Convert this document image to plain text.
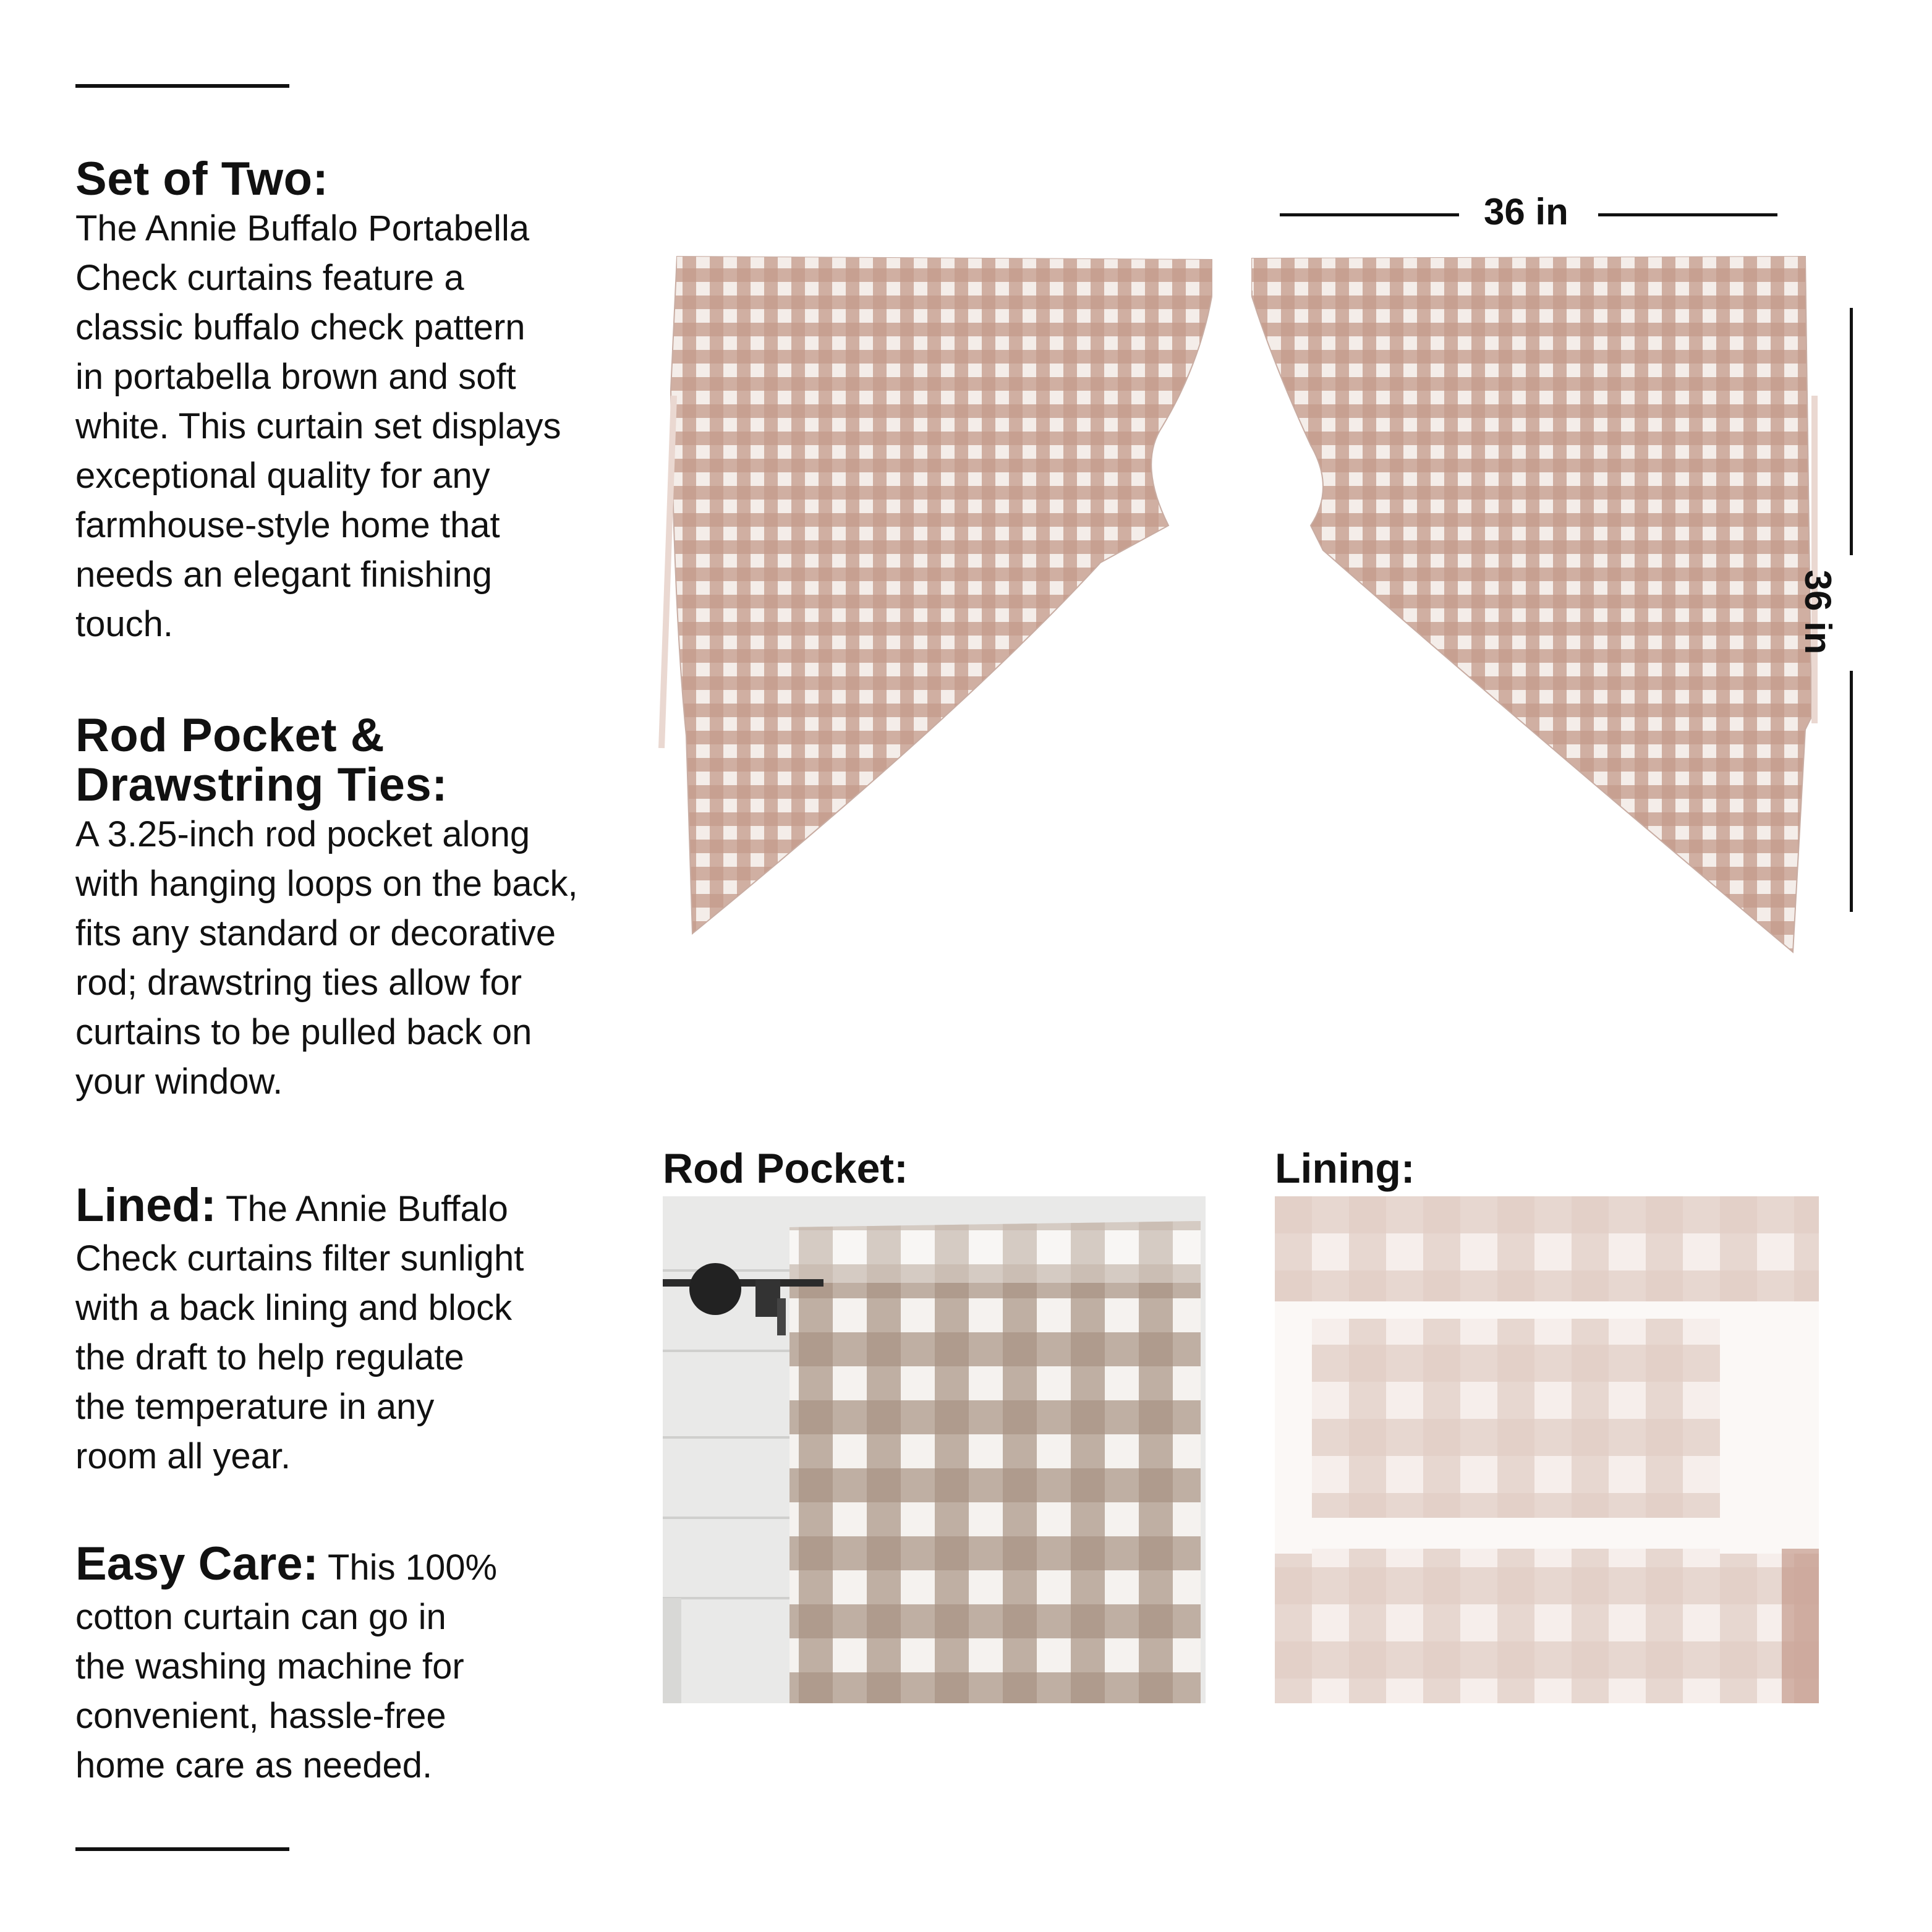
Set of Two:

The Annie Buffalo Portabella

Check curtains feature a

classic buffalo check pattern

in portabella brown and soft

white. This curtain set displays

exceptional quality for any

farmhouse-style home that

needs an elegant finishing

touch.

Rod Pocket &

Drawstring Ties:

A 3.25-inch rod pocket along

with hanging loops on the back,

fits any standard or decorative

rod; drawstring ties allow for

curtains to be pulled back on

your window.

Lined: The Annie Buffalo

Check curtains filter sunlight

with a back lining and block

the draft to help regulate

the temperature in any

room all year.

Easy Care: This 100%

cotton curtain can go in

the washing machine for

convenient, hassle-free

home care as needed.

36 in
36 in
Rod Pocket:	Lining:
